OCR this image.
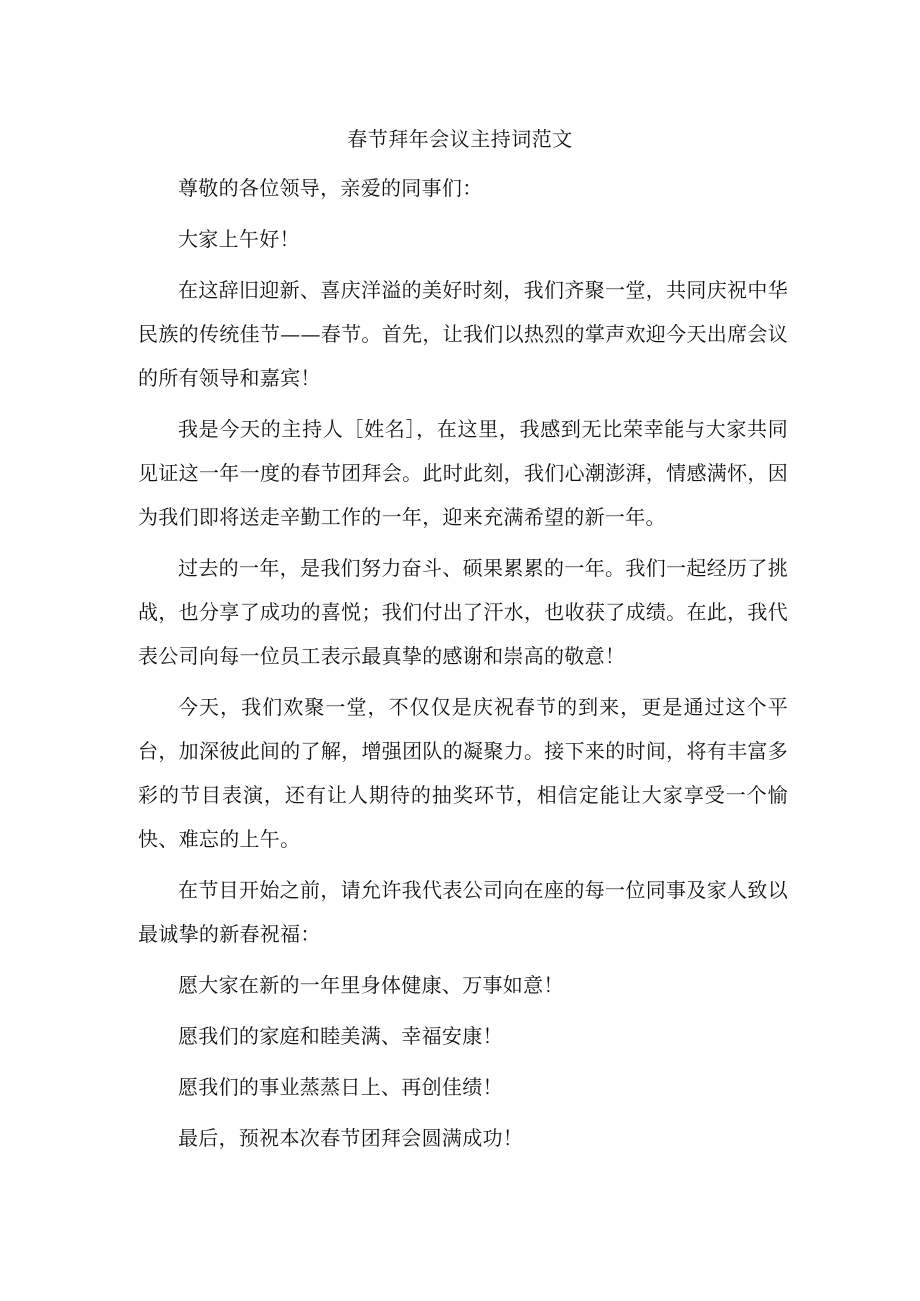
春节拜年会议主持词范文

尊敬的各位领导，亲爱的同事们：

大家上午好！

在这辞旧迎新、喜庆洋溢的美好时刻，我们齐聚一堂，共同庆祝中华民族的传统佳节——春节。首先，让我们以热烈的掌声欢迎今天出席会议的所有领导和嘉宾！

我是今天的主持人［姓名］，在这里，我感到无比荣幸能与大家共同见证这一年一度的春节团拜会。此时此刻，我们心潮澎湃，情感满怀，因为我们即将送走辛勤工作的一年，迎来充满希望的新一年。

过去的一年，是我们努力奋斗、硕果累累的一年。我们一起经历了挑战，也分享了成功的喜悦；我们付出了汗水，也收获了成绩。在此，我代表公司向每一位员工表示最真挚的感谢和崇高的敬意！

今天，我们欢聚一堂，不仅仅是庆祝春节的到来，更是通过这个平台，加深彼此间的了解，增强团队的凝聚力。接下来的时间，将有丰富多彩的节目表演，还有让人期待的抽奖环节，相信定能让大家享受一个愉快、难忘的上午。

在节目开始之前，请允许我代表公司向在座的每一位同事及家人致以最诚挚的新春祝福：

愿大家在新的一年里身体健康、万事如意！

愿我们的家庭和睦美满、幸福安康！

愿我们的事业蒸蒸日上、再创佳绩！

最后，预祝本次春节团拜会圆满成功！
